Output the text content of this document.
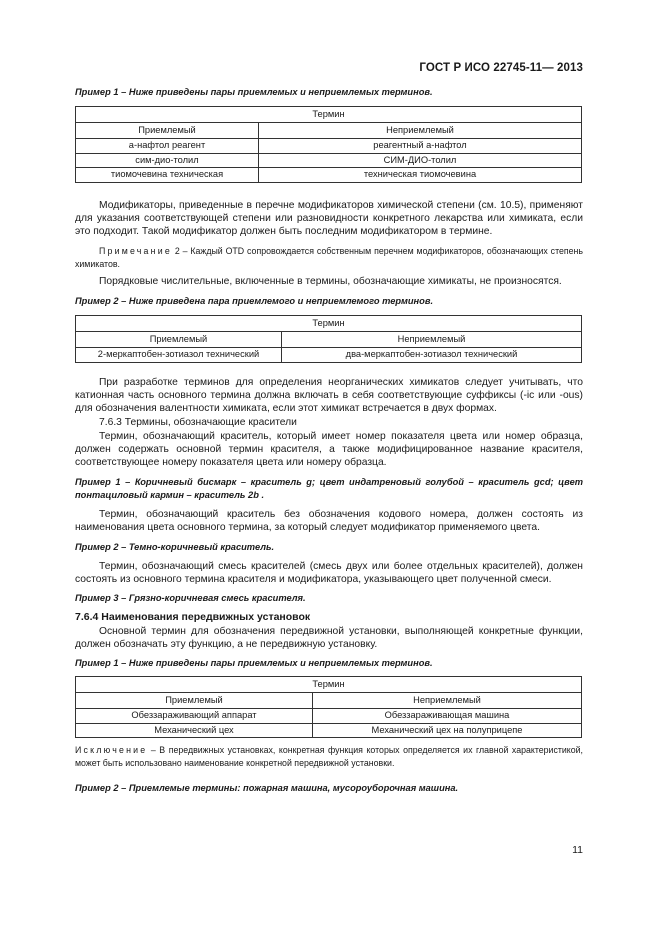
ГОСТ Р ИСО 22745-11— 2013
Пример 1 – Ниже приведены пары приемлемых и неприемлемых терминов.
Термин	
Приемлемый	Неприемлемый
а-нафтол реагент	реагентный а-нафтол
сим-дио-толил	СИМ-ДИО-толил
тиомочевина техническая	техническая тиомочевина
Модификаторы, приведенные в перечне модификаторов химической степени (см. 10.5), применяют для указания соответствующей степени или разновидности конкретного лекарства или химиката, если это подходит. Такой модификатор должен быть последним модификатором в термине.
Примечание 2 – Каждый OTD сопровождается собственным перечнем модификаторов, обозначающих степень химикатов.
Порядковые числительные, включенные в термины, обозначающие химикаты, не произносятся.
Пример 2 – Ниже приведена пара приемлемого и неприемлемого терминов.
Термин	
Приемлемый	Неприемлемый
2-меркаптобен-зотиазол технический	два-меркаптобен-зотиазол технический
При разработке терминов для определения неорганических химикатов следует учитывать, что катионная часть основного термина должна включать в себя соответствующие суффиксы (-ic или -ous) для обозначения валентности химиката, если этот химикат встречается в двух формах.
7.6.3 Термины, обозначающие красители
Термин, обозначающий краситель, который имеет номер показателя цвета или номер образца, должен содержать основной термин красителя, а также модифицированное название красителя, соответствующее номеру показателя цвета или номеру образца.
Пример 1 – Коричневый бисмарк – краситель g; цвет индатреновый голубой – краситель gcd; цвет понтациловый кармин – краситель 2b .
Термин, обозначающий краситель без обозначения кодового номера, должен состоять из наименования цвета основного термина, за который следует модификатор применяемого цвета.
Пример 2 – Темно-коричневый краситель.
Термин, обозначающий смесь красителей (смесь двух или более отдельных красителей), должен состоять из основного термина красителя и модификатора, указывающего цвет полученной смеси.
Пример 3 – Грязно-коричневая смесь красителя.
7.6.4 Наименования передвижных установок
Основной термин для обозначения передвижной установки, выполняющей конкретные функции, должен обозначать эту функцию, а не передвижную установку.
Пример 1 – Ниже приведены пары приемлемых и неприемлемых терминов.
Термин	
Приемлемый	Неприемлемый
Обеззараживающий аппарат	Обеззараживающая машина
Механический цех	Механический цех на полуприцепе
Исключение – В передвижных установках, конкретная функция которых определяется их главной характеристикой, может быть использовано наименование конкретной передвижной установки.
Пример 2 – Приемлемые термины: пожарная машина, мусороуборочная машина.
11
